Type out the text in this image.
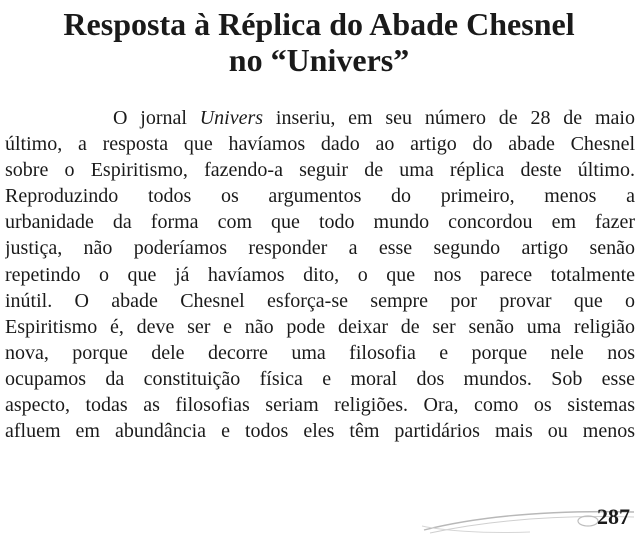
Resposta à Réplica do Abade Chesnel
no “Univers”

O jornal Univers inseriu, em seu número de 28 de maio
último, a resposta que havíamos dado ao artigo do abade Chesnel
sobre o Espiritismo, fazendo-a seguir de uma réplica deste último.
Reproduzindo todos os argumentos do primeiro, menos a
urbanidade da forma com que todo mundo concordou em fazer
justiça, não poderíamos responder a esse segundo artigo senão
repetindo o que já havíamos dito, o que nos parece totalmente
inútil. O abade Chesnel esforça-se sempre por provar que o
Espiritismo é, deve ser e não pode deixar de ser senão uma religião
nova, porque dele decorre uma filosofia e porque nele nos
ocupamos da constituição física e moral dos mundos. Sob esse
aspecto, todas as filosofias seriam religiões. Ora, como os sistemas
afluem em abundância e todos eles têm partidários mais ou menos

287
